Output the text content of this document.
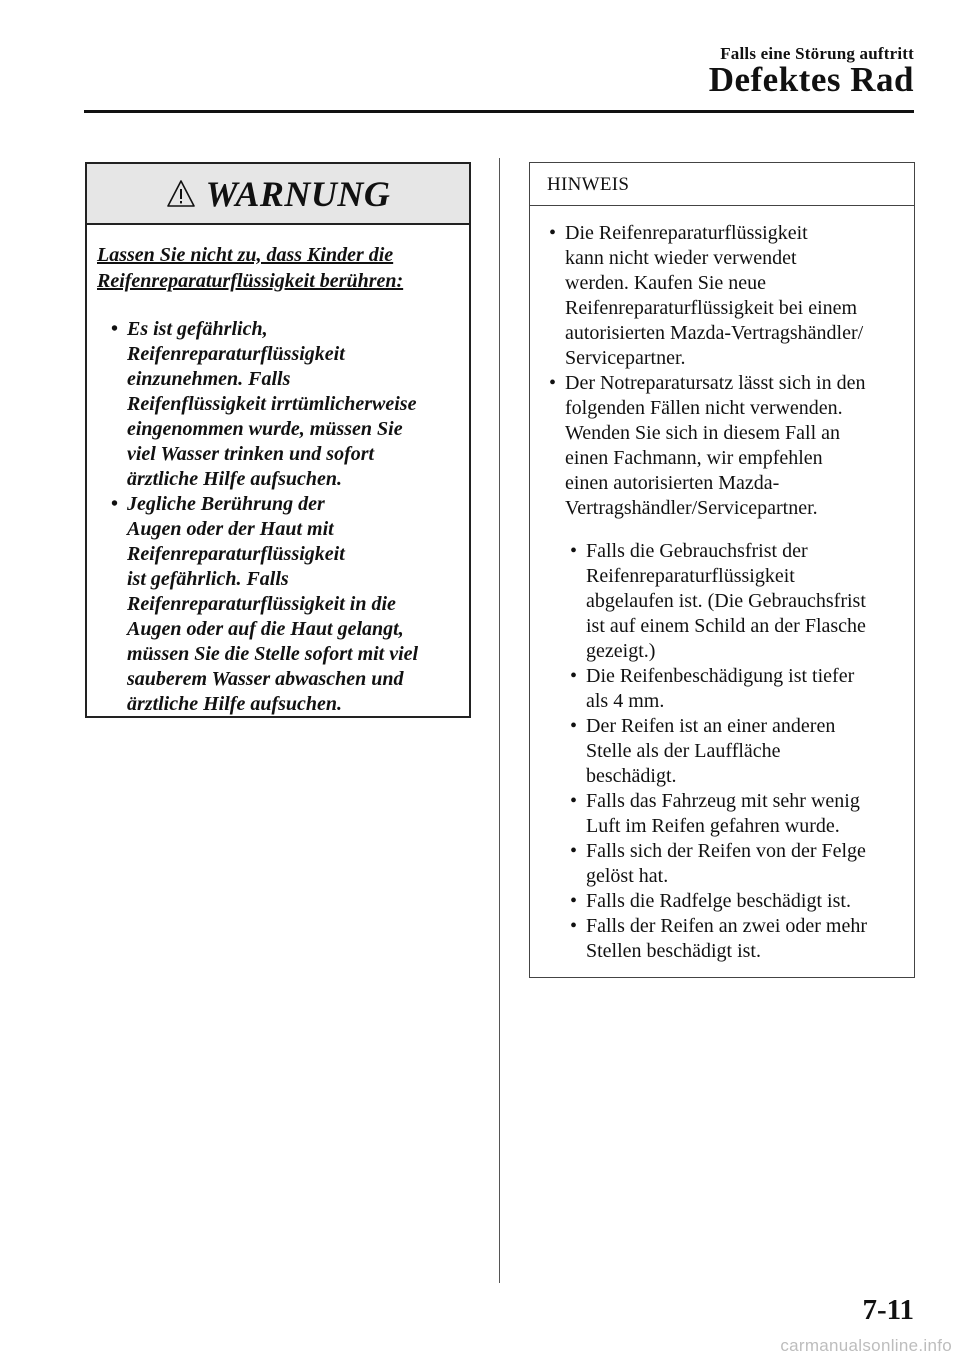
Falls eine Störung auftritt
Defektes Rad
WARNUNG
Lassen Sie nicht zu, dass Kinder die Reifenreparaturflüssigkeit berühren:
• Es ist gefährlich,
Reifenreparaturflüssigkeit
einzunehmen. Falls
Reifenflüssigkeit irrtümlicherweise
eingenommen wurde, müssen Sie
viel Wasser trinken und sofort
ärztliche Hilfe aufsuchen.
• Jegliche Berührung der
Augen oder der Haut mit
Reifenreparaturflüssigkeit
ist gefährlich. Falls
Reifenreparaturflüssigkeit in die
Augen oder auf die Haut gelangt,
müssen Sie die Stelle sofort mit viel
sauberem Wasser abwaschen und
ärztliche Hilfe aufsuchen.
HINWEIS
• Die Reifenreparaturflüssigkeit
kann nicht wieder verwendet
werden. Kaufen Sie neue
Reifenreparaturflüssigkeit bei einem
autorisierten Mazda-Vertragshändler/
Servicepartner.
• Der Notreparatursatz lässt sich in den
folgenden Fällen nicht verwenden.
Wenden Sie sich in diesem Fall an
einen Fachmann, wir empfehlen
einen autorisierten Mazda-
Vertragshändler/Servicepartner.
• Falls die Gebrauchsfrist der
Reifenreparaturflüssigkeit
abgelaufen ist. (Die Gebrauchsfrist
ist auf einem Schild an der Flasche
gezeigt.)
• Die Reifenbeschädigung ist tiefer
als 4 mm.
• Der Reifen ist an einer anderen
Stelle als der Lauffläche
beschädigt.
• Falls das Fahrzeug mit sehr wenig
Luft im Reifen gefahren wurde.
• Falls sich der Reifen von der Felge
gelöst hat.
• Falls die Radfelge beschädigt ist.
• Falls der Reifen an zwei oder mehr
Stellen beschädigt ist.
7-11
carmanualsonline.info
